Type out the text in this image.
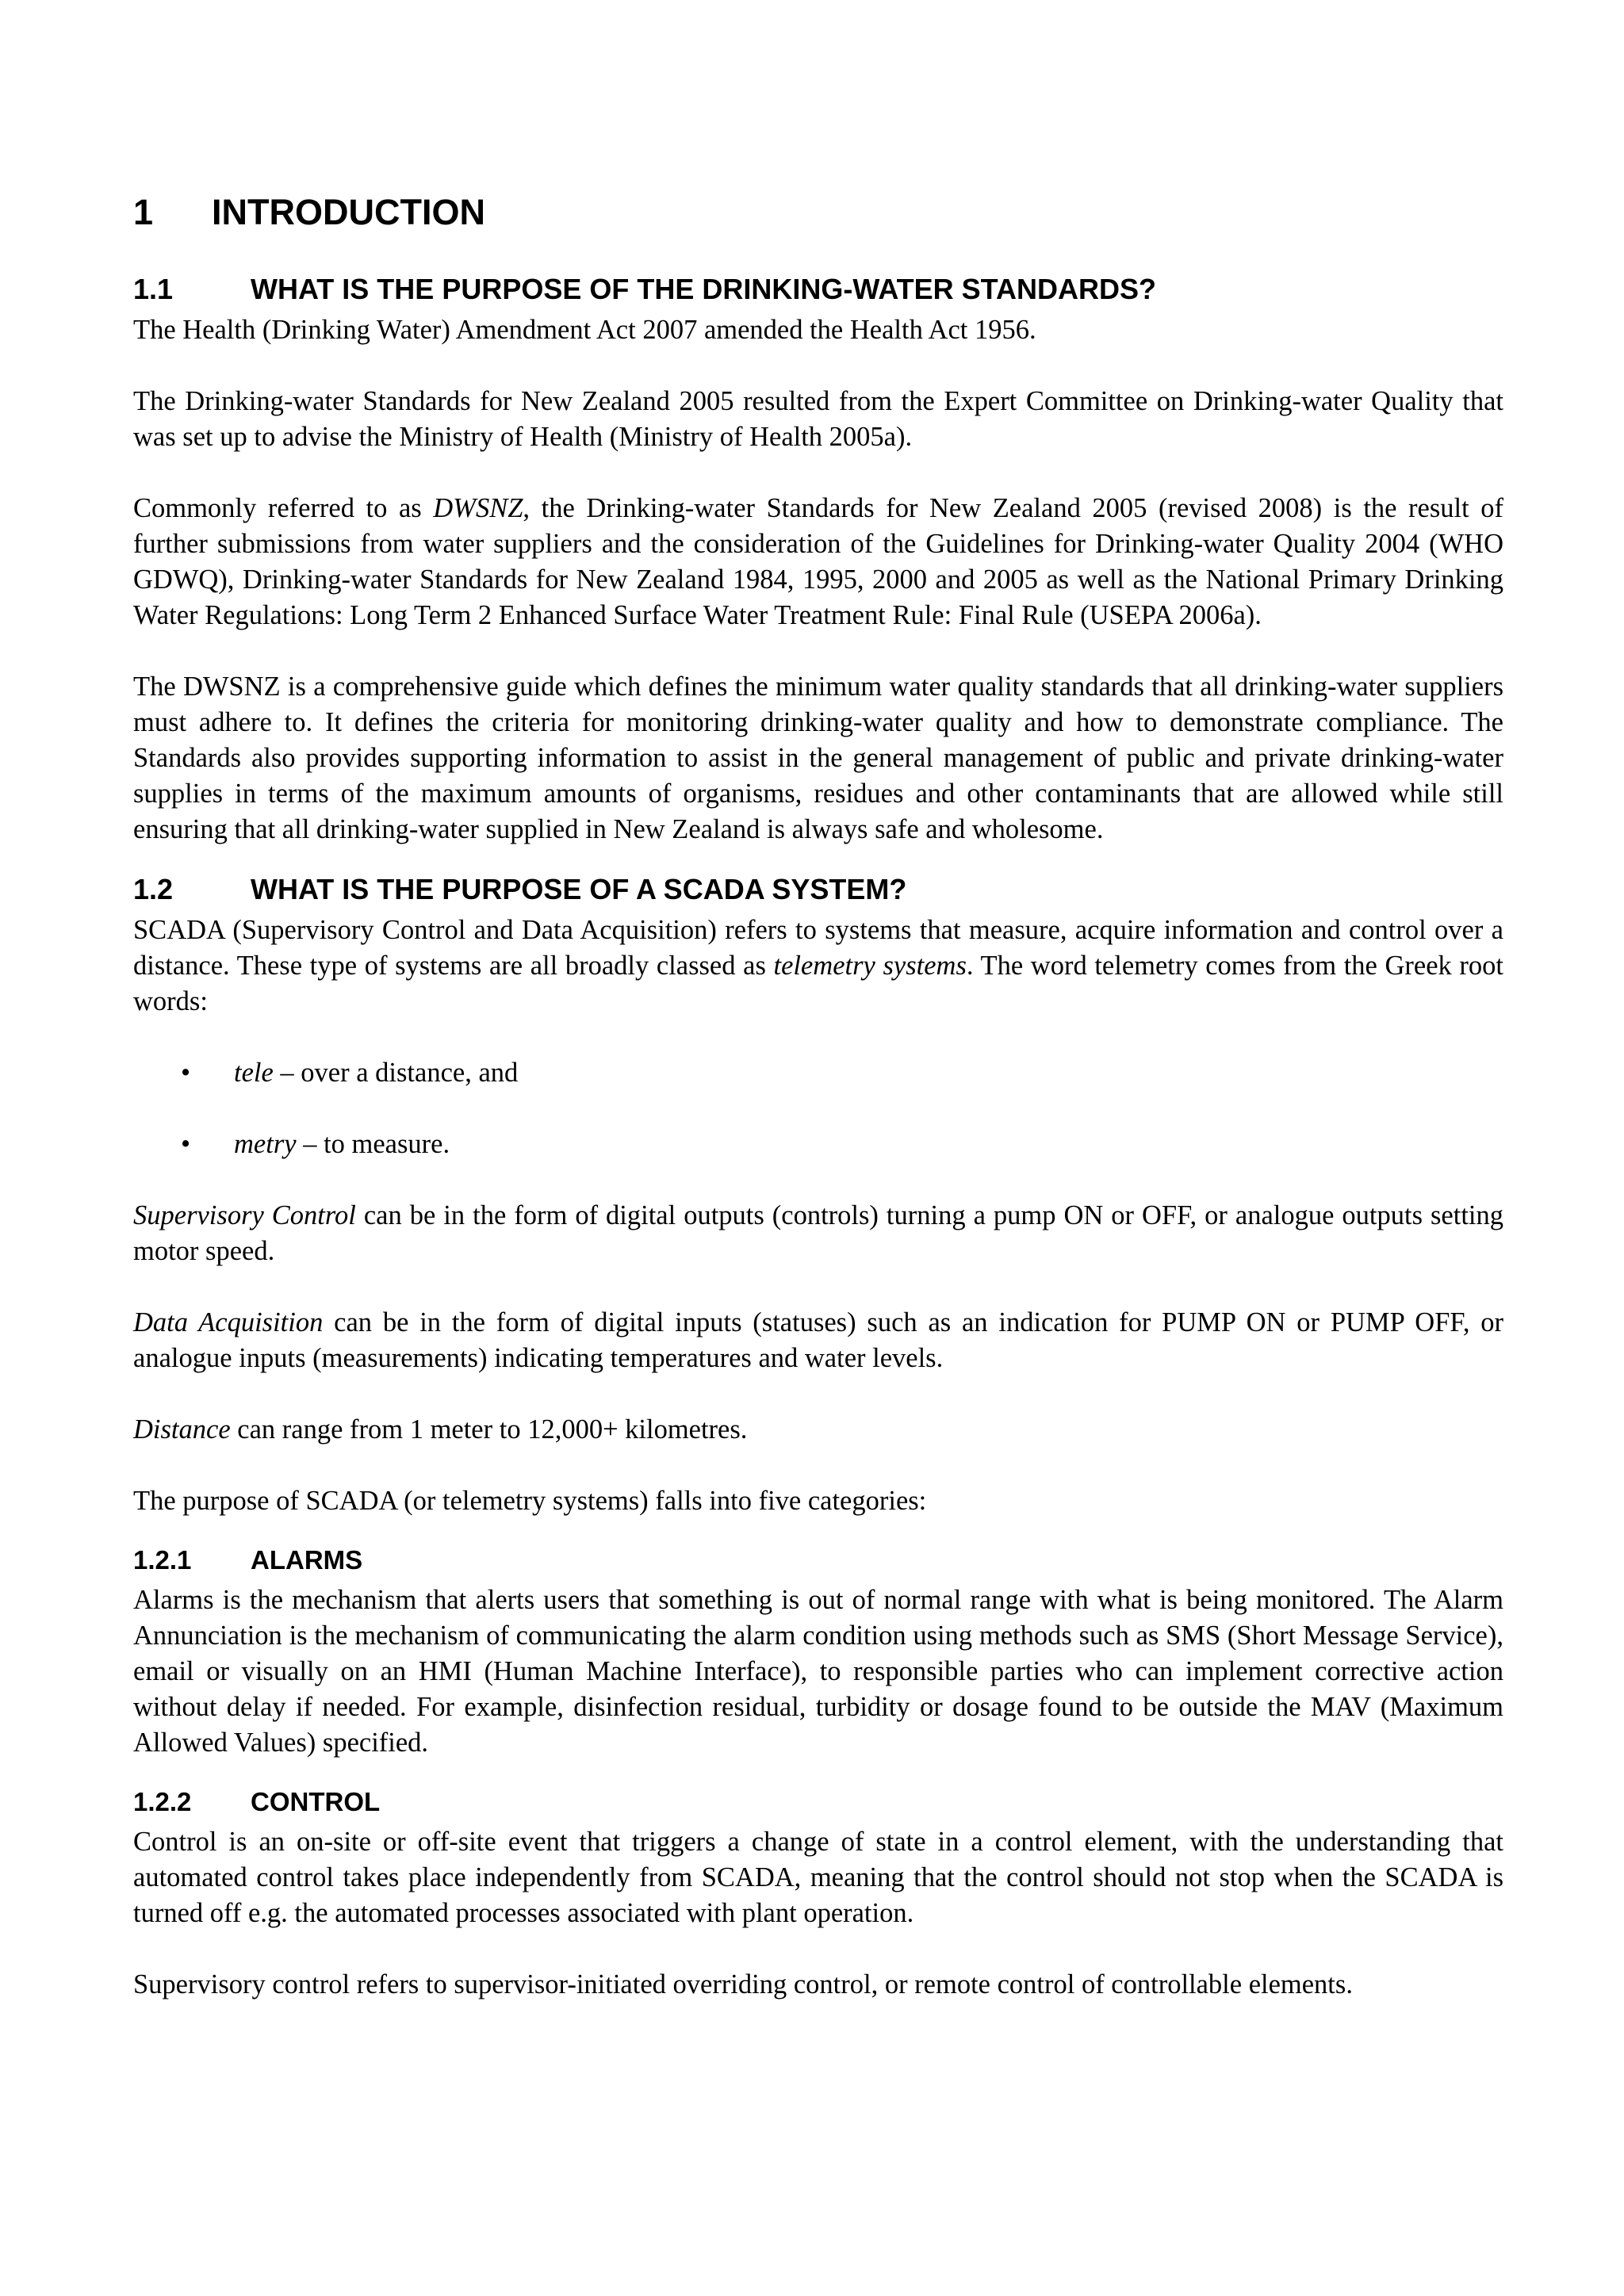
1	INTRODUCTION
1.1	WHAT IS THE PURPOSE OF THE DRINKING-WATER STANDARDS?

The Health (Drinking Water) Amendment Act 2007 amended the Health Act 1956.

The Drinking-water Standards for New Zealand 2005 resulted from the Expert Committee on Drinking-water Quality that was set up to advise the Ministry of Health (Ministry of Health 2005a).

Commonly referred to as DWSNZ, the Drinking-water Standards for New Zealand 2005 (revised 2008) is the result of further submissions from water suppliers and the consideration of the Guidelines for Drinking-water Quality 2004 (WHO GDWQ), Drinking-water Standards for New Zealand 1984, 1995, 2000 and 2005 as well as the National Primary Drinking Water Regulations: Long Term 2 Enhanced Surface Water Treatment Rule: Final Rule (USEPA 2006a).

The DWSNZ is a comprehensive guide which defines the minimum water quality standards that all drinking-water suppliers must adhere to. It defines the criteria for monitoring drinking-water quality and how to demonstrate compliance. The Standards also provides supporting information to assist in the general management of public and private drinking-water supplies in terms of the maximum amounts of organisms, residues and other contaminants that are allowed while still ensuring that all drinking-water supplied in New Zealand is always safe and wholesome.

1.2	WHAT IS THE PURPOSE OF A SCADA SYSTEM?

SCADA (Supervisory Control and Data Acquisition) refers to systems that measure, acquire information and control over a distance. These type of systems are all broadly classed as telemetry systems. The word telemetry comes from the Greek root words:

•
tele – over a distance, and
•
metry – to measure.

Supervisory Control can be in the form of digital outputs (controls) turning a pump ON or OFF, or analogue outputs setting motor speed.

Data Acquisition can be in the form of digital inputs (statuses) such as an indication for PUMP ON or PUMP OFF, or analogue inputs (measurements) indicating temperatures and water levels.

Distance can range from 1 meter to 12,000+ kilometres.

The purpose of SCADA (or telemetry systems) falls into five categories:

1.2.1	ALARMS

Alarms is the mechanism that alerts users that something is out of normal range with what is being monitored. The Alarm Annunciation is the mechanism of communicating the alarm condition using methods such as SMS (Short Message Service), email or visually on an HMI (Human Machine Interface), to responsible parties who can implement corrective action without delay if needed. For example, disinfection residual, turbidity or dosage found to be outside the MAV (Maximum Allowed Values) specified.

1.2.2	CONTROL

Control is an on-site or off-site event that triggers a change of state in a control element, with the understanding that automated control takes place independently from SCADA, meaning that the control should not stop when the SCADA is turned off e.g. the automated processes associated with plant operation.

Supervisory control refers to supervisor-initiated overriding control, or remote control of controllable elements.
